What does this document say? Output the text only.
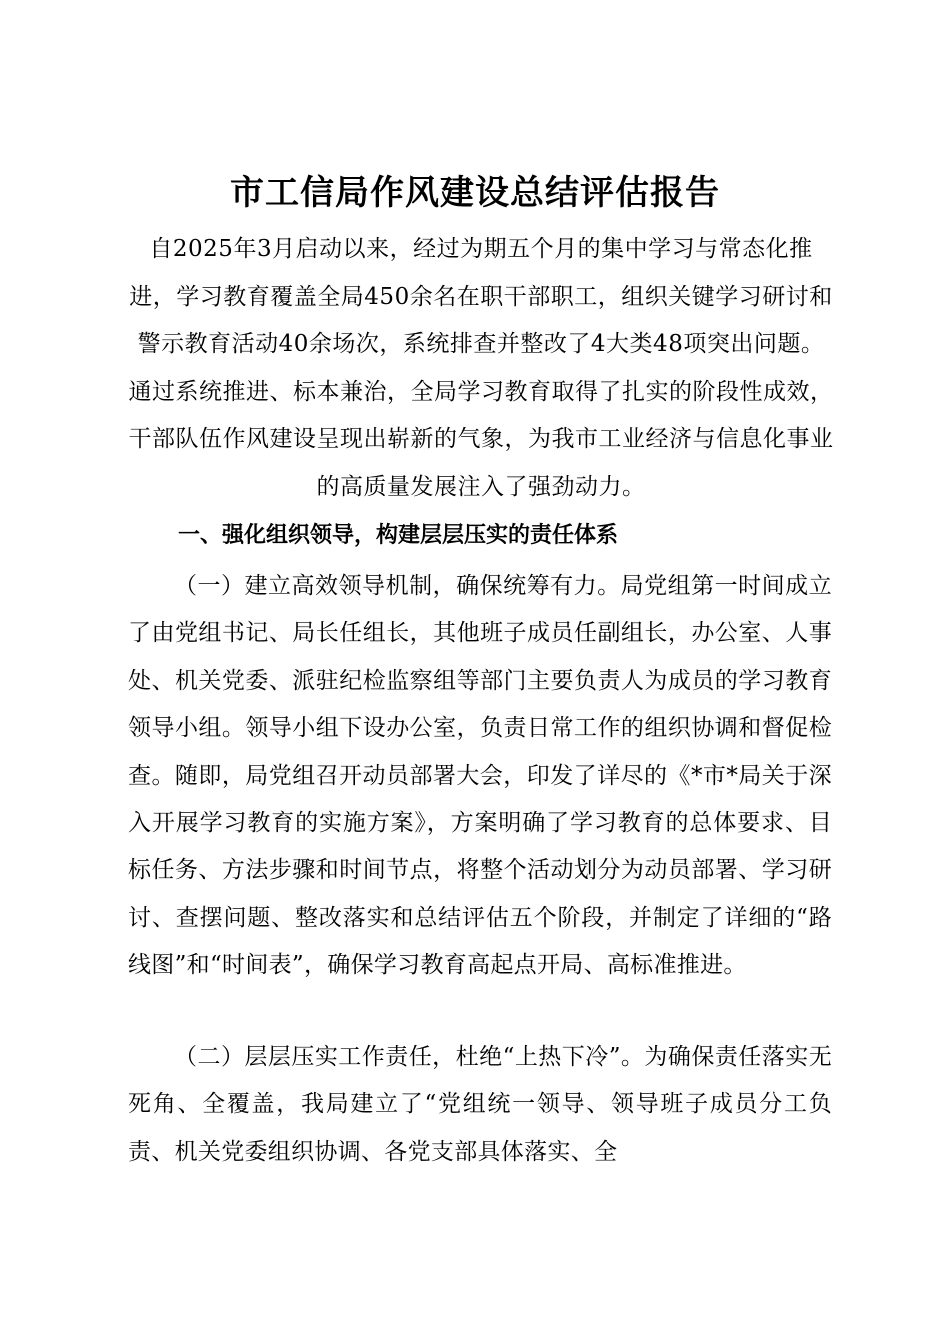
市工信局作风建设总结评估报告

自2025年3月启动以来，经过为期五个月的集中学习与常态化推进，学习教育覆盖全局450余名在职干部职工，组织关键学习研讨和警示教育活动40余场次，系统排查并整改了4大类48项突出问题。通过系统推进、标本兼治，全局学习教育取得了扎实的阶段性成效，干部队伍作风建设呈现出崭新的气象，为我市工业经济与信息化事业的高质量发展注入了强劲动力。

一、强化组织领导，构建层层压实的责任体系

（一）建立高效领导机制，确保统筹有力。局党组第一时间成立了由党组书记、局长任组长，其他班子成员任副组长，办公室、人事处、机关党委、派驻纪检监察组等部门主要负责人为成员的学习教育领导小组。领导小组下设办公室，负责日常工作的组织协调和督促检查。随即，局党组召开动员部署大会，印发了详尽的《*市*局关于深入开展学习教育的实施方案》，方案明确了学习教育的总体要求、目标任务、方法步骤和时间节点，将整个活动划分为动员部署、学习研讨、查摆问题、整改落实和总结评估五个阶段，并制定了详细的“路线图”和“时间表”，确保学习教育高起点开局、高标准推进。

（二）层层压实工作责任，杜绝“上热下冷”。为确保责任落实无死角、全覆盖，我局建立了“党组统一领导、领导班子成员分工负责、机关党委组织协调、各党支部具体落实、全
